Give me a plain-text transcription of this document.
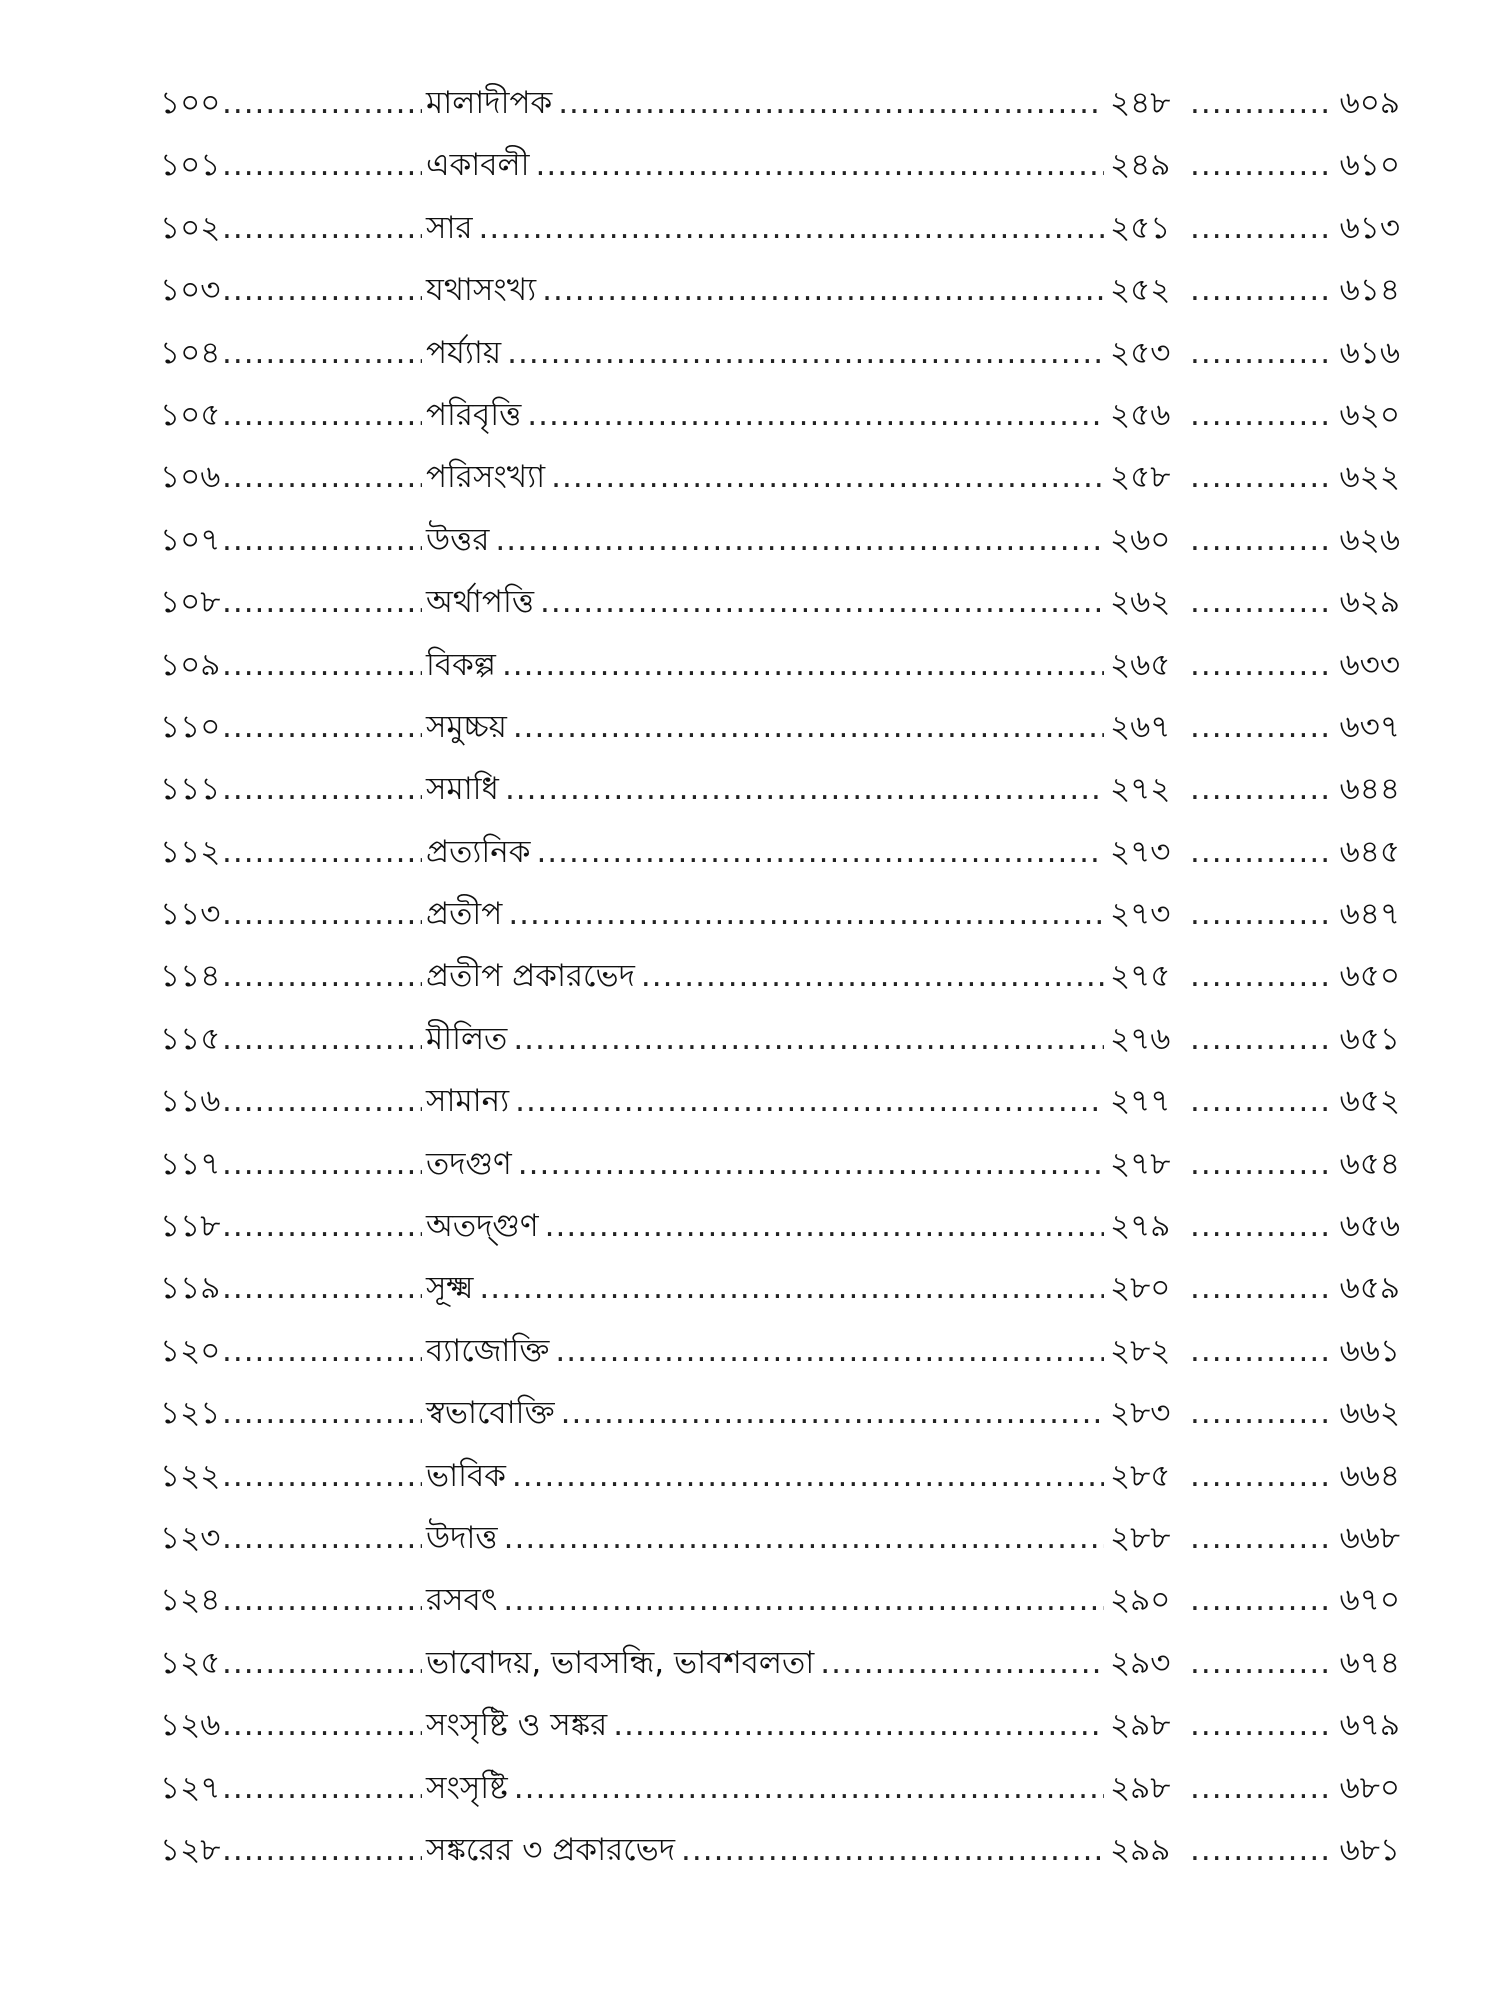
১০০ .....	মালাদীপক .....	২৪৮ .....	৬০৯
১০১ .....	একাবলী .....	২৪৯ .....	৬১০
১০২ .....	সার .....	২৫১ .....	৬১৩
১০৩ .....	যথাসংখ্য .....	২৫২ .....	৬১৪
১০৪ .....	পর্য্যায় .....	২৫৩ .....	৬১৬
১০৫ .....	পরিবৃত্তি .....	২৫৬ .....	৬২০
১০৬ .....	পরিসংখ্যা .....	২৫৮ .....	৬২২
১০৭ .....	উত্তর .....	২৬০ .....	৬২৬
১০৮ .....	অর্থাপত্তি .....	২৬২ .....	৬২৯
১০৯ .....	বিকল্প .....	২৬৫ .....	৬৩৩
১১০ .....	সমুচ্চয় .....	২৬৭ .....	৬৩৭
১১১ .....	সমাধি .....	২৭২ .....	৬৪৪
১১২ .....	প্রত্যনিক .....	২৭৩ .....	৬৪৫
১১৩ .....	প্রতীপ .....	২৭৩ .....	৬৪৭
১১৪ .....	প্রতীপ প্রকারভেদ .....	২৭৫ .....	৬৫০
১১৫ .....	মীলিত .....	২৭৬ .....	৬৫১
১১৬ .....	সামান্য .....	২৭৭ .....	৬৫২
১১৭ .....	তদগুণ .....	২৭৮ .....	৬৫৪
১১৮ .....	অতদ্‌গুণ .....	২৭৯ .....	৬৫৬
১১৯ .....	সূক্ষ্ম .....	২৮০ .....	৬৫৯
১২০ .....	ব্যাজোক্তি .....	২৮২ .....	৬৬১
১২১ .....	স্বভাবোক্তি .....	২৮৩ .....	৬৬২
১২২ .....	ভাবিক .....	২৮৫ .....	৬৬৪
১২৩ .....	উদাত্ত .....	২৮৮ .....	৬৬৮
১২৪ .....	রসবৎ .....	২৯০ .....	৬৭০
১২৫ .....	ভাবোদয়, ভাবসন্ধি, ভাবশবলতা .....	২৯৩ .....	৬৭৪
১২৬ .....	সংসৃষ্টি ও সঙ্কর .....	২৯৮ .....	৬৭৯
১২৭ .....	সংসৃষ্টি .....	২৯৮ .....	৬৮০
১২৮ .....	সঙ্করের ৩ প্রকারভেদ .....	২৯৯ .....	৬৮১
